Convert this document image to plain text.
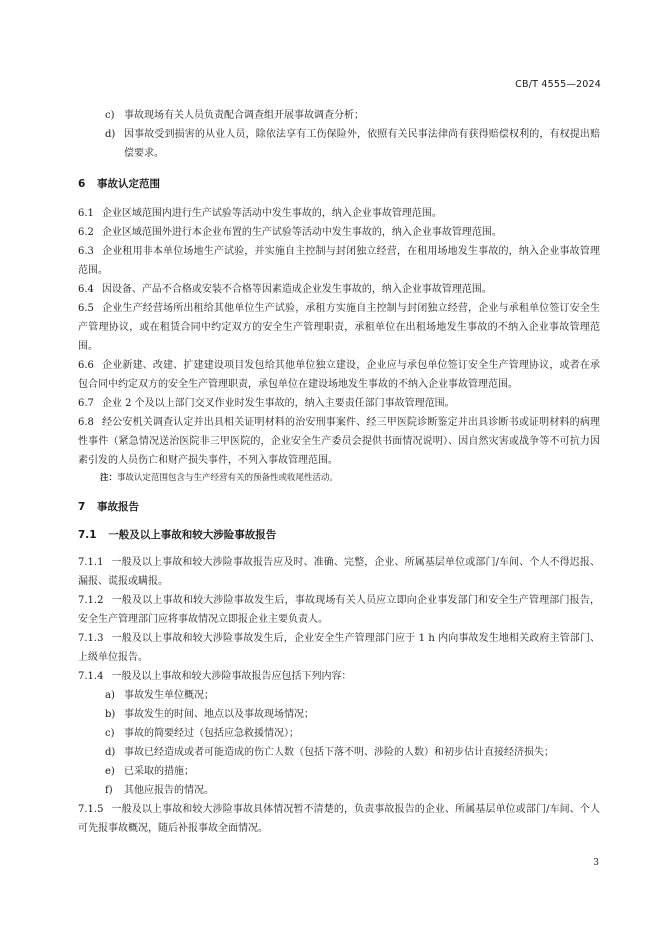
CB/T 4555—2024
c) 事故现场有关人员负责配合调查组开展事故调查分析；
d) 因事故受到损害的从业人员，除依法享有工伤保险外，依照有关民事法律尚有获得赔偿权利的，有权提出赔偿要求。
6 事故认定范围
6.1 企业区域范围内进行生产试验等活动中发生事故的，纳入企业事故管理范围。
6.2 企业区域范围外进行本企业布置的生产试验等活动中发生事故的，纳入企业事故管理范围。
6.3 企业租用非本单位场地生产试验，并实施自主控制与封闭独立经营，在租用场地发生事故的，纳入企业事故管理范围。
6.4 因设备、产品不合格或安装不合格等因素造成企业发生事故的，纳入企业事故管理范围。
6.5 企业生产经营场所出租给其他单位生产试验，承租方实施自主控制与封闭独立经营，企业与承租单位签订安全生产管理协议，或在租赁合同中约定双方的安全生产管理职责，承租单位在出租场地发生事故的不纳入企业事故管理范围。
6.6 企业新建、改建、扩建建设项目发包给其他单位独立建设，企业应与承包单位签订安全生产管理协议，或者在承包合同中约定双方的安全生产管理职责，承包单位在建设场地发生事故的不纳入企业事故管理范围。
6.7 企业 2 个及以上部门交叉作业时发生事故的，纳入主要责任部门事故管理范围。
6.8 经公安机关调查认定并出具相关证明材料的治安刑事案件、经三甲医院诊断鉴定并出具诊断书或证明材料的病理性事件（紧急情况送治医院非三甲医院的，企业安全生产委员会提供书面情况说明）、因自然灾害或战争等不可抗力因素引发的人员伤亡和财产损失事件，不列入事故管理范围。
注：事故认定范围包含与生产经营有关的预备性或收尾性活动。
7 事故报告
7.1 一般及以上事故和较大涉险事故报告
7.1.1 一般及以上事故和较大涉险事故报告应及时、准确、完整，企业、所属基层单位或部门/车间、个人不得迟报、漏报、谎报或瞒报。
7.1.2 一般及以上事故和较大涉险事故发生后，事故现场有关人员应立即向企业事发部门和安全生产管理部门报告，安全生产管理部门应将事故情况立即报企业主要负责人。
7.1.3 一般及以上事故和较大涉险事故发生后，企业安全生产管理部门应于 1 h 内向事故发生地相关政府主管部门、上级单位报告。
7.1.4 一般及以上事故和较大涉险事故报告应包括下列内容：
a) 事故发生单位概况；
b) 事故发生的时间、地点以及事故现场情况；
c) 事故的简要经过（包括应急救援情况）；
d) 事故已经造成或者可能造成的伤亡人数（包括下落不明、涉险的人数）和初步估计直接经济损失；
e) 已采取的措施；
f) 其他应报告的情况。
7.1.5 一般及以上事故和较大涉险事故具体情况暂不清楚的，负责事故报告的企业、所属基层单位或部门/车间、个人可先报事故概况，随后补报事故全面情况。
3
